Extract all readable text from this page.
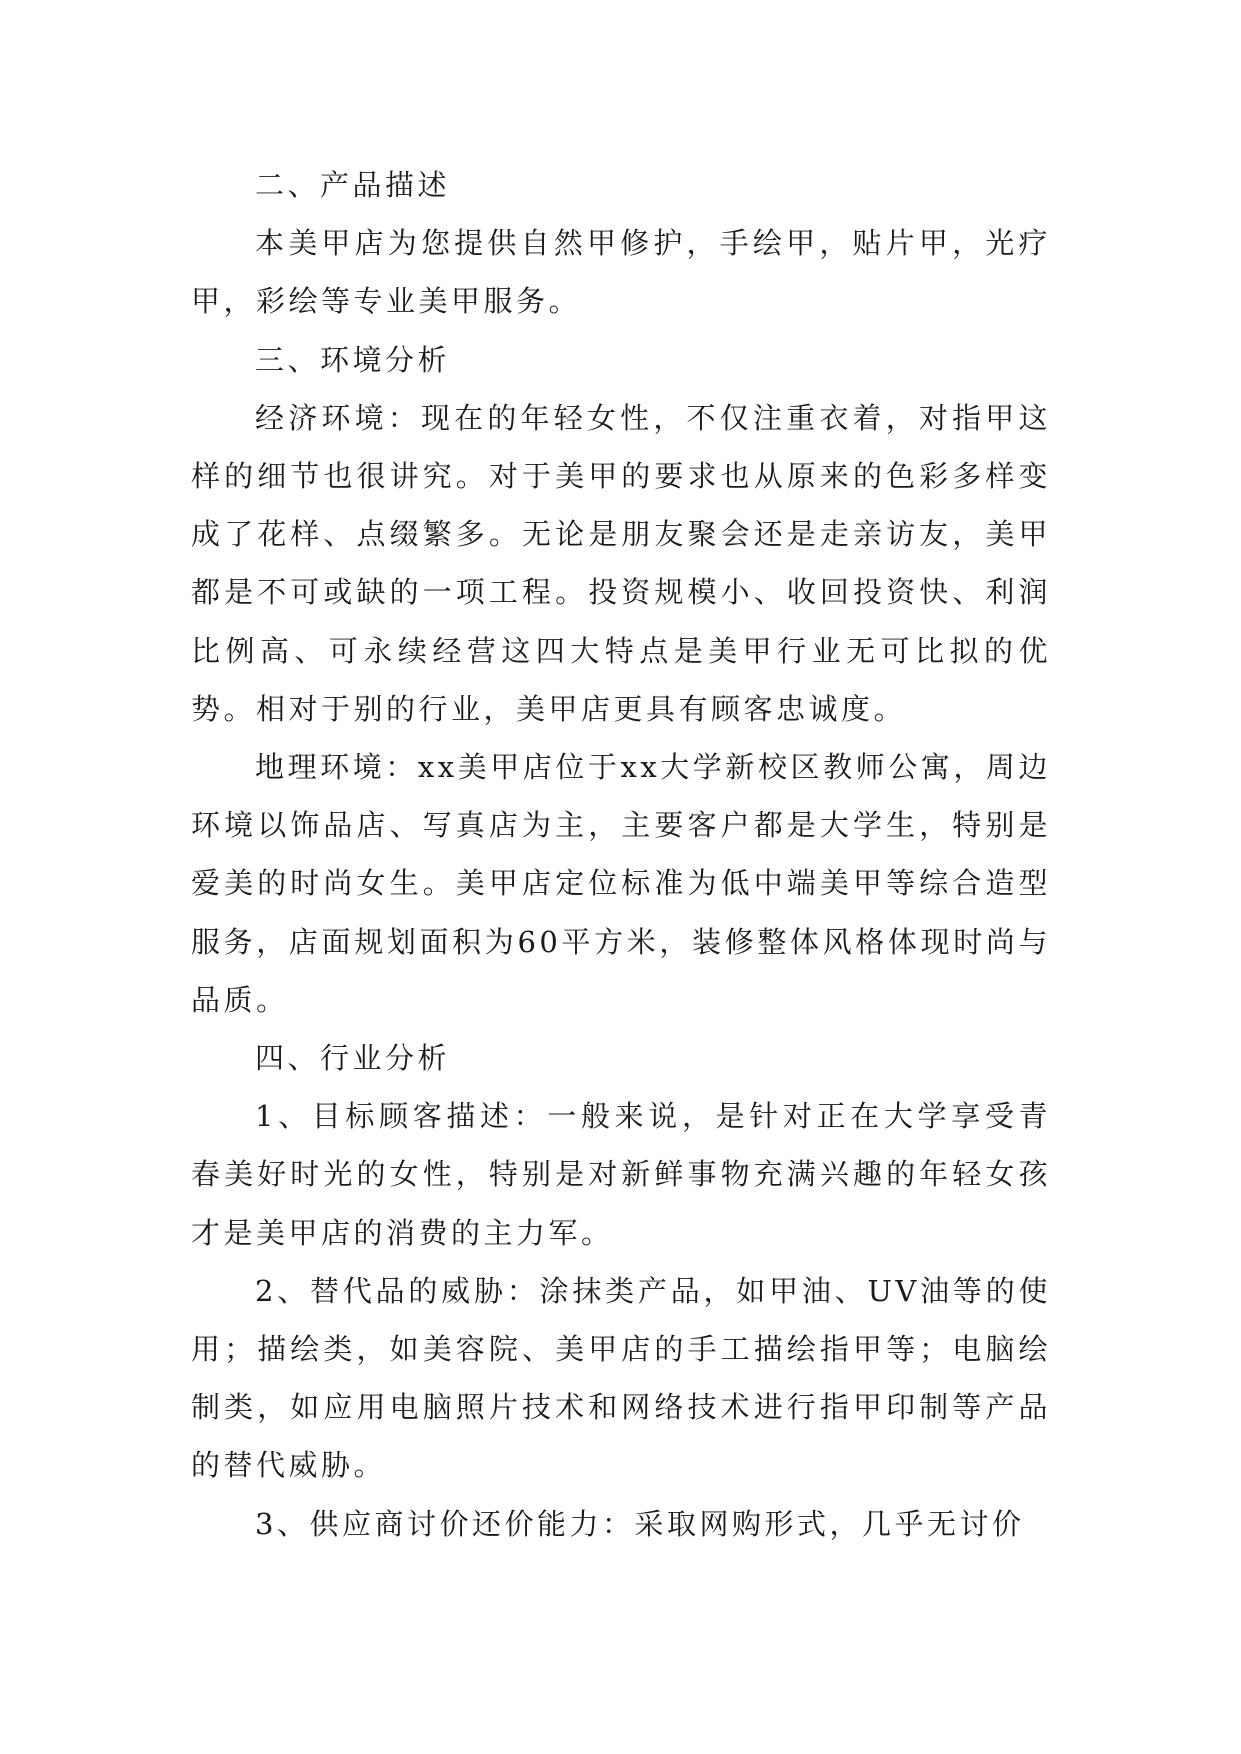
二、产品描述

本美甲店为您提供自然甲修护，手绘甲，贴片甲，光疗甲，彩绘等专业美甲服务。

三、环境分析

经济环境：现在的年轻女性，不仅注重衣着，对指甲这样的细节也很讲究。对于美甲的要求也从原来的色彩多样变成了花样、点缀繁多。无论是朋友聚会还是走亲访友，美甲都是不可或缺的一项工程。投资规模小、收回投资快、利润比例高、可永续经营这四大特点是美甲行业无可比拟的优势。相对于别的行业，美甲店更具有顾客忠诚度。

地理环境：xx美甲店位于xx大学新校区教师公寓，周边环境以饰品店、写真店为主，主要客户都是大学生，特别是爱美的时尚女生。美甲店定位标准为低中端美甲等综合造型服务，店面规划面积为60平方米，装修整体风格体现时尚与品质。

四、行业分析

1、目标顾客描述：一般来说，是针对正在大学享受青春美好时光的女性，特别是对新鲜事物充满兴趣的年轻女孩才是美甲店的消费的主力军。

2、替代品的威胁：涂抹类产品，如甲油、UV油等的使用；描绘类，如美容院、美甲店的手工描绘指甲等；电脑绘制类，如应用电脑照片技术和网络技术进行指甲印制等产品的替代威胁。

3、供应商讨价还价能力：采取网购形式，几乎无讨价
